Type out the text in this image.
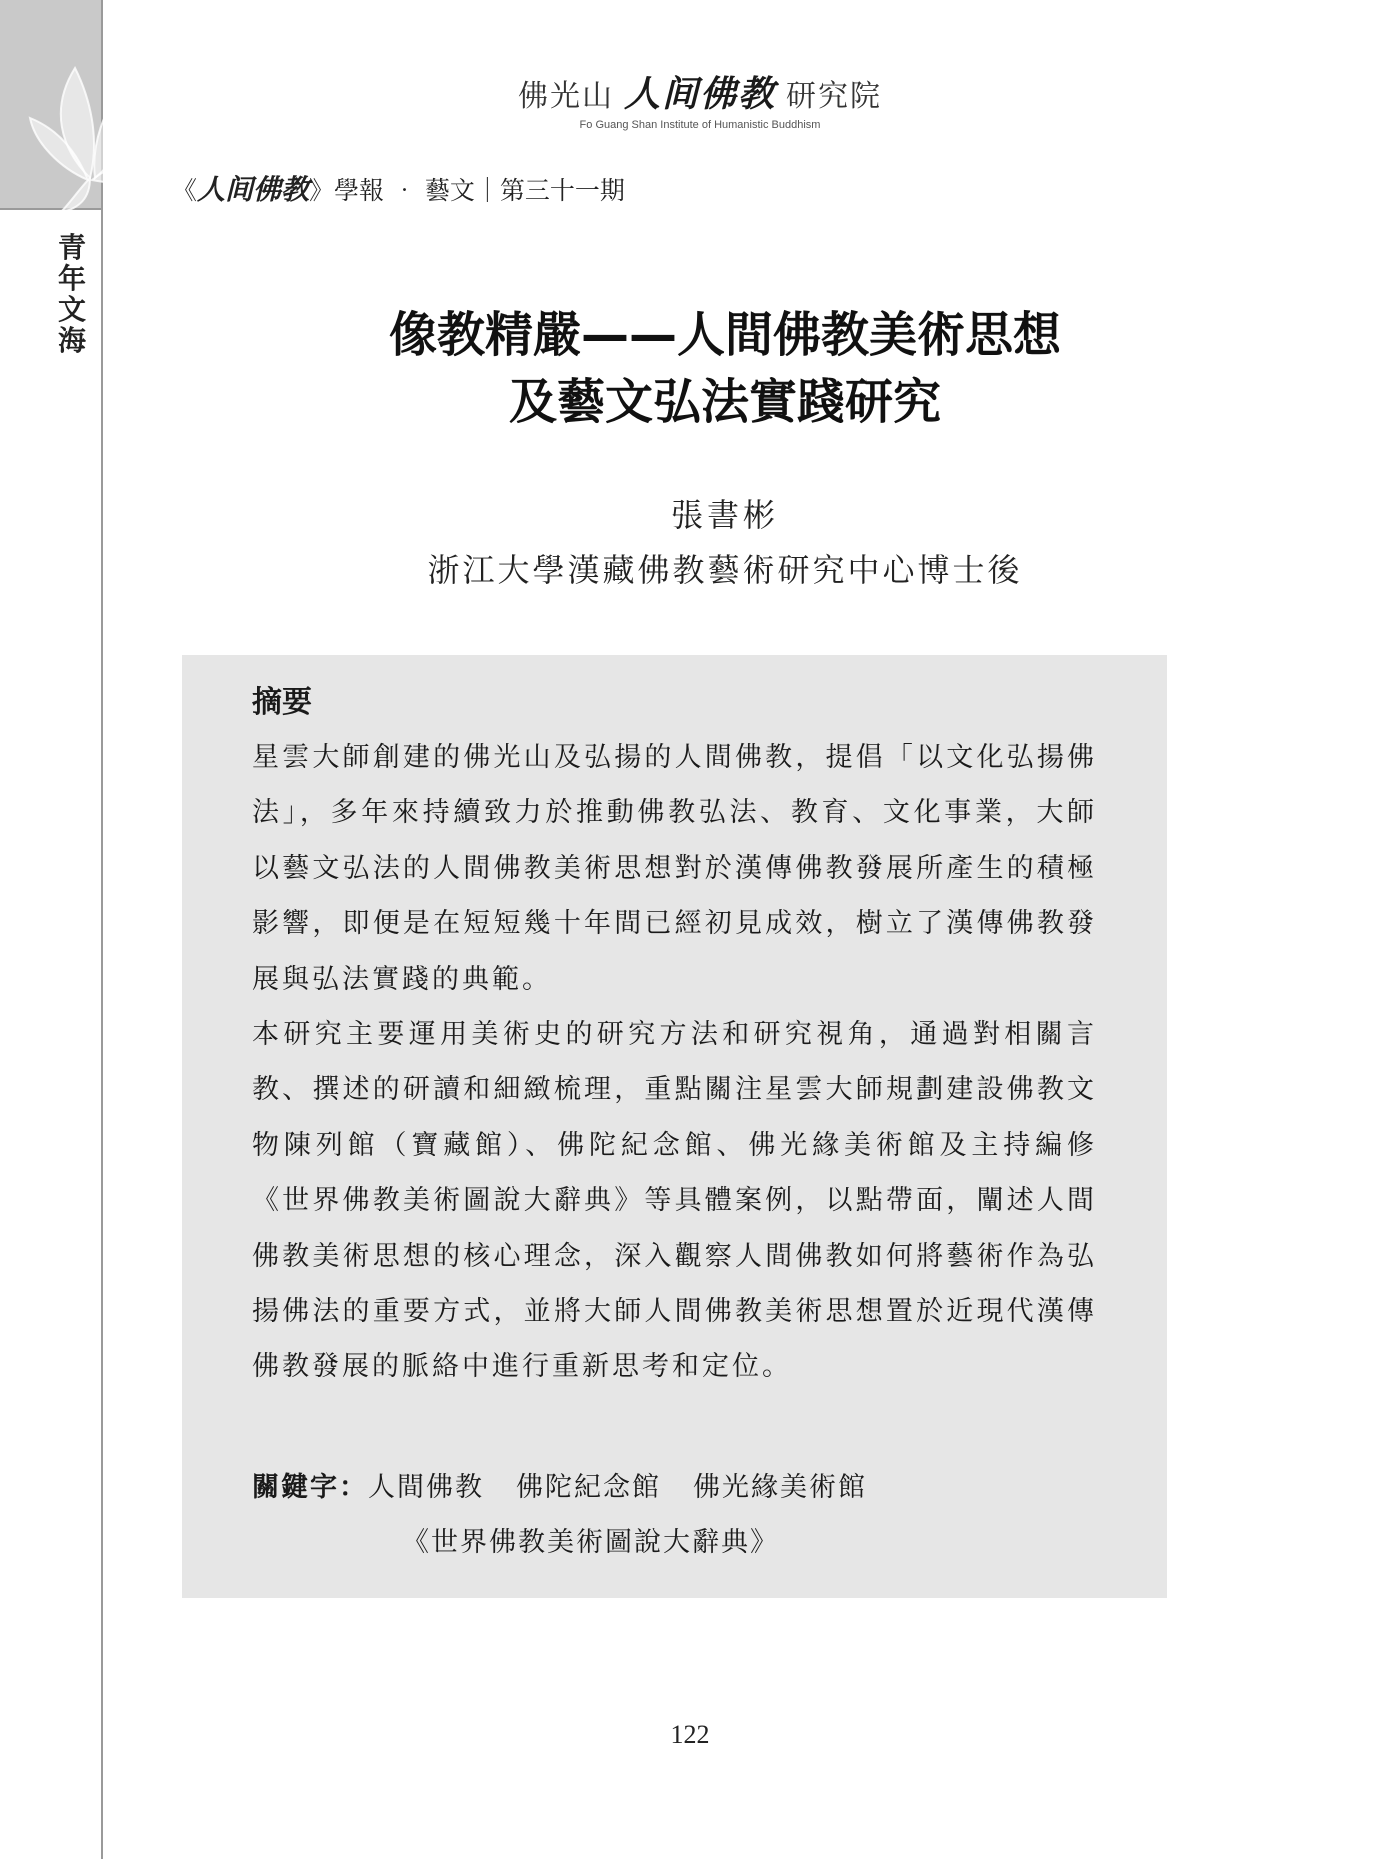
青
年
文
海
佛光山 人间佛教 研究院
Fo Guang Shan Institute of Humanistic Buddhism
《人间佛教》學報 ‧ 藝文｜第三十一期
像教精嚴——人間佛教美術思想
及藝文弘法實踐研究
張書彬
浙江大學漢藏佛教藝術研究中心博士後
摘要

星雲大師創建的佛光山及弘揚的人間佛教，提倡「以文化弘揚佛法」，多年來持續致力於推動佛教弘法、教育、文化事業，大師以藝文弘法的人間佛教美術思想對於漢傳佛教發展所產生的積極影響，即便是在短短幾十年間已經初見成效，樹立了漢傳佛教發展與弘法實踐的典範。

本研究主要運用美術史的研究方法和研究視角，通過對相關言教、撰述的研讀和細緻梳理，重點關注星雲大師規劃建設佛教文物陳列館（寶藏館）、佛陀紀念館、佛光緣美術館及主持編修《世界佛教美術圖說大辭典》等具體案例，以點帶面，闡述人間佛教美術思想的核心理念，深入觀察人間佛教如何將藝術作為弘揚佛法的重要方式，並將大師人間佛教美術思想置於近現代漢傳佛教發展的脈絡中進行重新思考和定位。

關鍵字：人間佛教 佛陀紀念館 佛光緣美術館
《世界佛教美術圖說大辭典》
122
